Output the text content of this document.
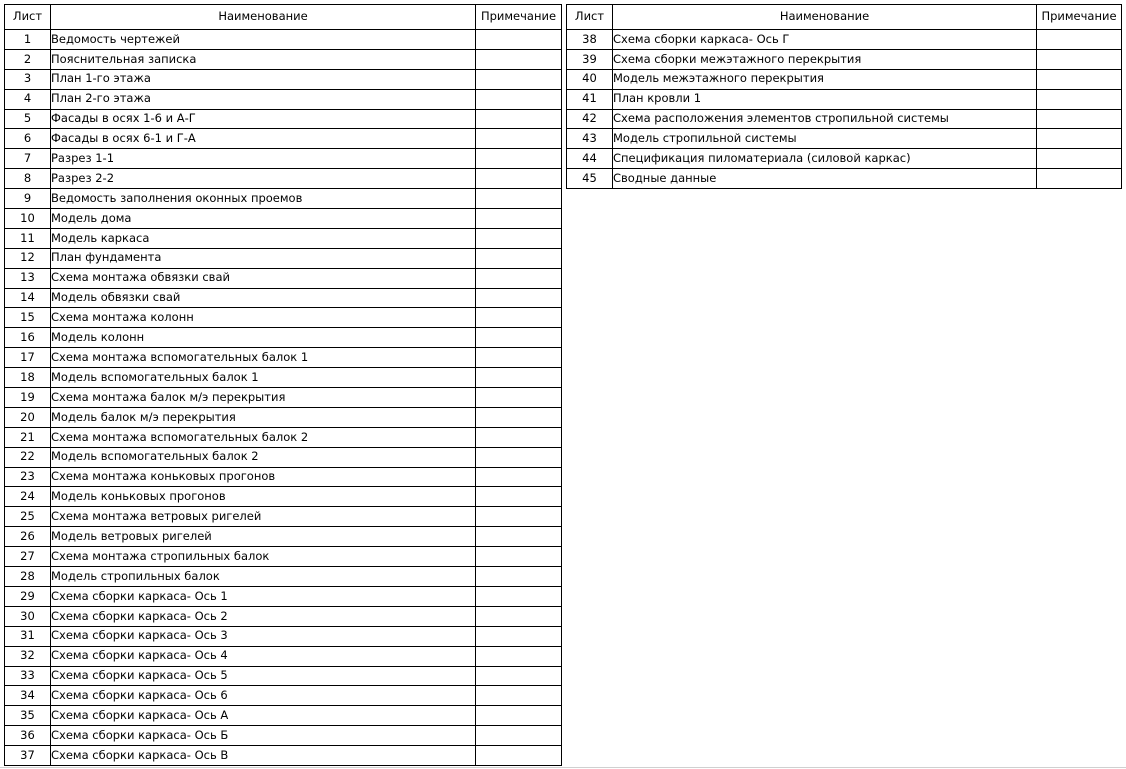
Лист	Наименование	Примечание
1	Ведомость чертежей	
2	Пояснительная записка	
3	План 1-го этажа	
4	План 2-го этажа	
5	Фасады в осях 1-6 и А-Г	
6	Фасады в осях 6-1 и Г-А	
7	Разрез 1-1	
8	Разрез 2-2	
9	Ведомость заполнения оконных проемов	
10	Модель дома	
11	Модель каркаса	
12	План фундамента	
13	Схема монтажа обвязки свай	
14	Модель обвязки свай	
15	Схема монтажа колонн	
16	Модель колонн	
17	Схема монтажа вспомогательных балок 1	
18	Модель вспомогательных балок 1	
19	Схема монтажа балок м/э перекрытия	
20	Модель балок м/э перекрытия	
21	Схема монтажа вспомогательных балок 2	
22	Модель вспомогательных балок 2	
23	Схема монтажа коньковых прогонов	
24	Модель коньковых прогонов	
25	Схема монтажа ветровых ригелей	
26	Модель ветровых ригелей	
27	Схема монтажа стропильных балок	
28	Модель стропильных балок	
29	Схема сборки каркаса- Ось 1	
30	Схема сборки каркаса- Ось 2	
31	Схема сборки каркаса- Ось 3	
32	Схема сборки каркаса- Ось 4	
33	Схема сборки каркаса- Ось 5	
34	Схема сборки каркаса- Ось 6	
35	Схема сборки каркаса- Ось А	
36	Схема сборки каркаса- Ось Б	
37	Схема сборки каркаса- Ось В	
Лист	Наименование	Примечание
38	Схема сборки каркаса- Ось Г	
39	Схема сборки межэтажного перекрытия	
40	Модель межэтажного перекрытия	
41	План кровли 1	
42	Схема расположения элементов стропильной системы	
43	Модель стропильной системы	
44	Спецификация пиломатериала (силовой каркас)	
45	Сводные данные	
